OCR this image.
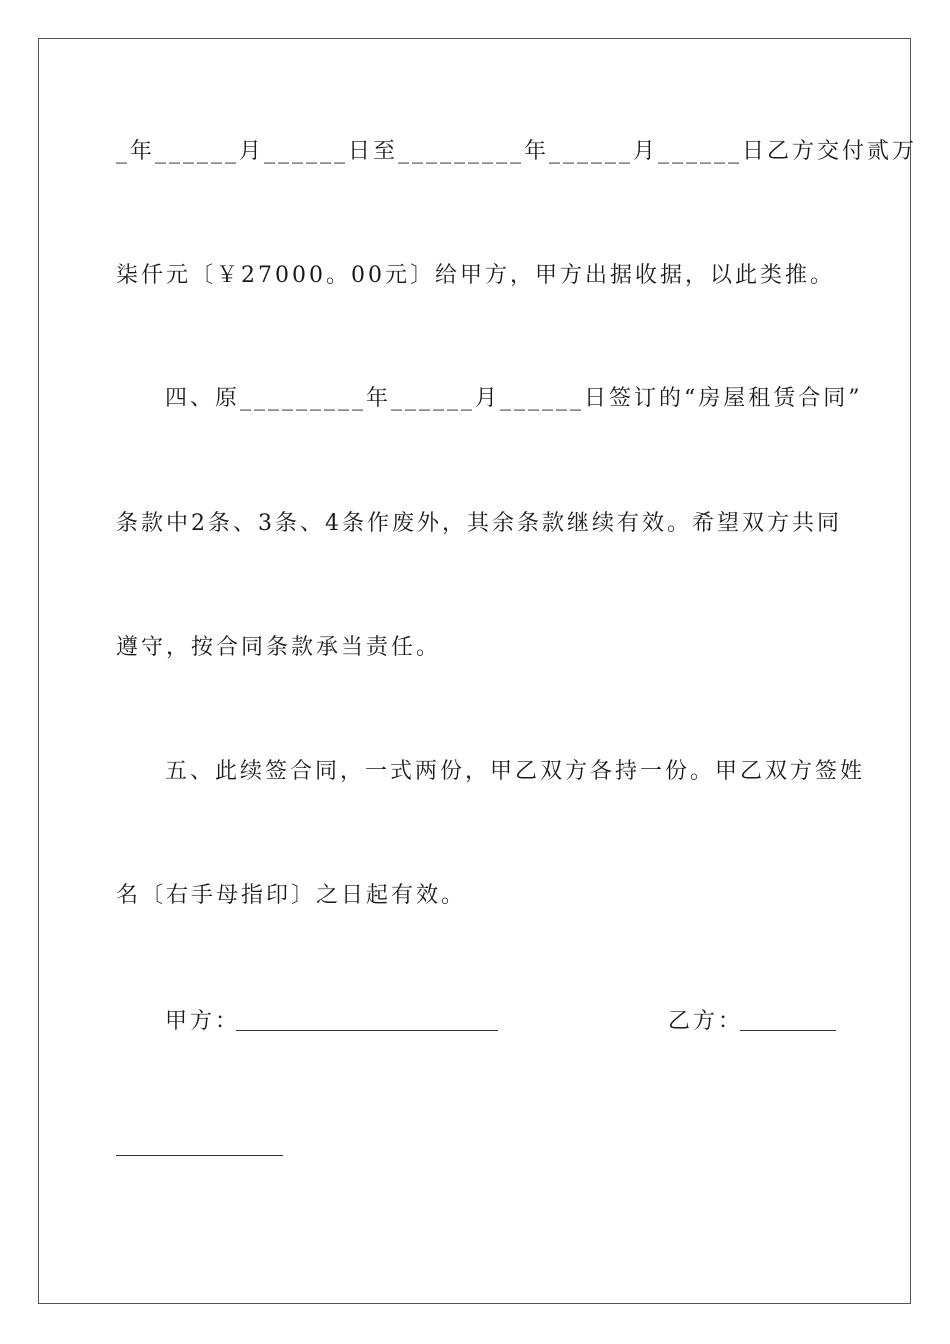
_年______月______日至_________年______月______日乙方交付贰万
柒仟元〔￥27000。00元〕给甲方，甲方出据收据，以此类推。
四、原_________年______月______日签订的“房屋租赁合同”
条款中2条、3条、4条作废外，其余条款继续有效。希望双方共同
遵守，按合同条款承当责任。
五、此续签合同，一式两份，甲乙双方各持一份。甲乙双方签姓
名〔右手母指印〕之日起有效。
甲方：	乙方：
